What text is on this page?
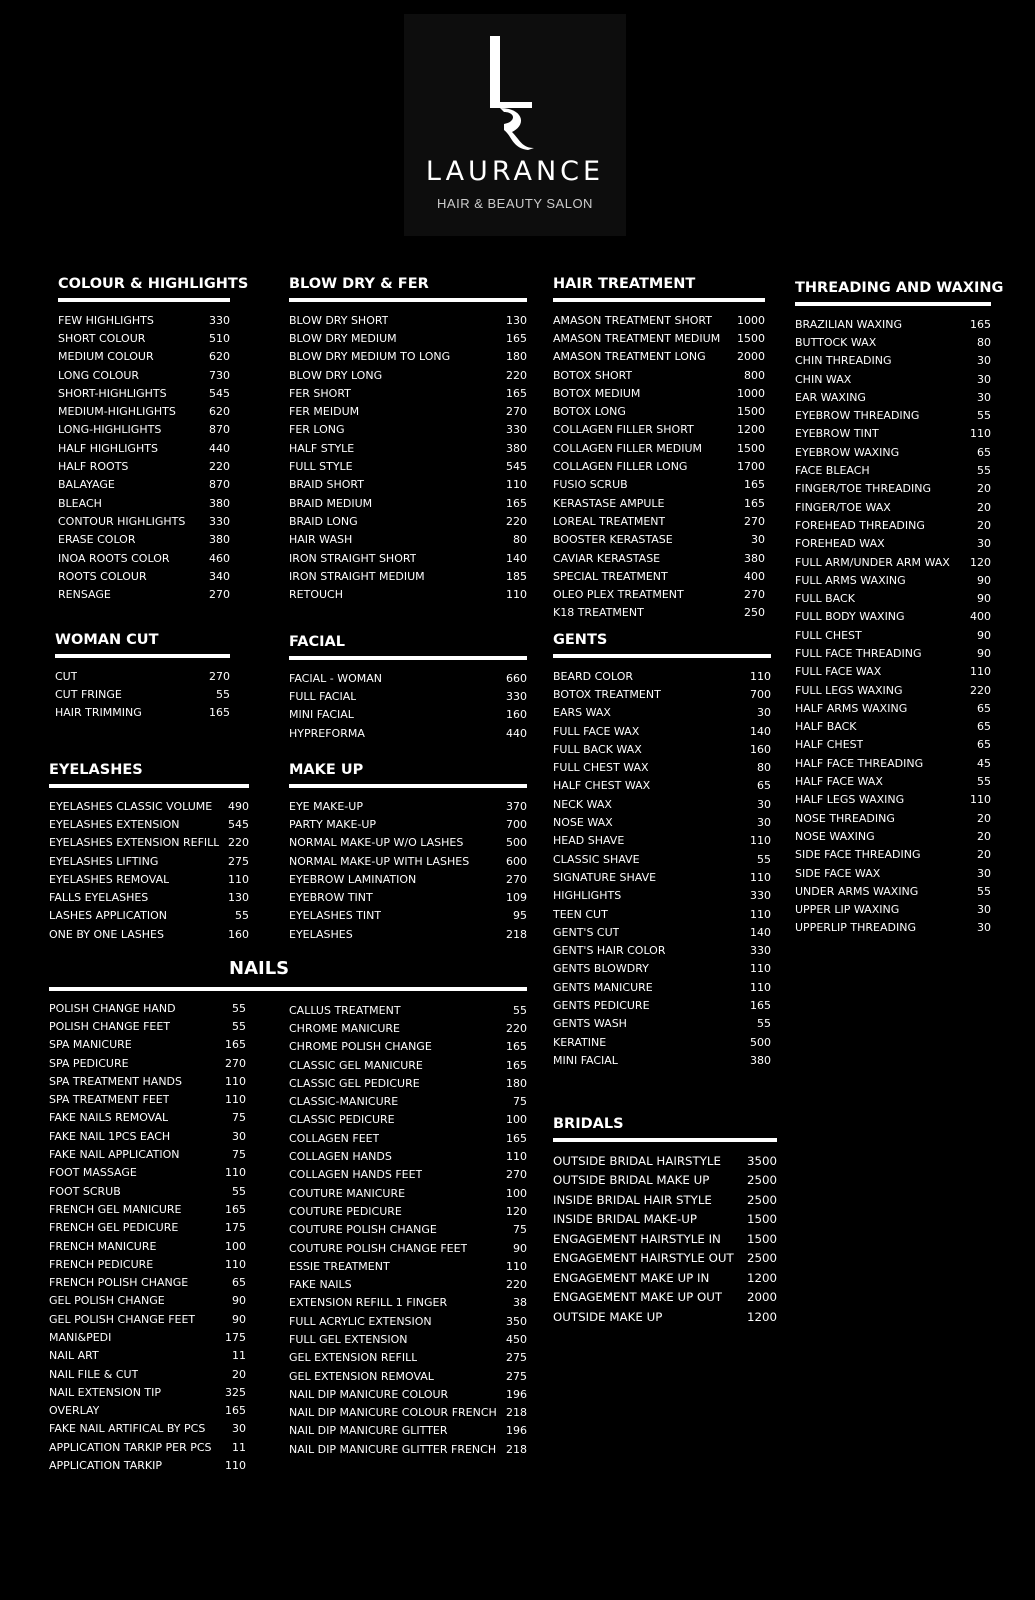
LAURANCE
HAIR & BEAUTY SALON
COLOUR & HIGHLIGHTS
FEW HIGHLIGHTS	330
SHORT COLOUR	510
MEDIUM COLOUR	620
LONG COLOUR	730
SHORT-HIGHLIGHTS	545
MEDIUM-HIGHLIGHTS	620
LONG-HIGHLIGHTS	870
HALF HIGHLIGHTS	440
HALF ROOTS	220
BALAYAGE	870
BLEACH	380
CONTOUR HIGHLIGHTS	330
ERASE COLOR	380
INOA ROOTS COLOR	460
ROOTS COLOUR	340
RENSAGE	270
BLOW DRY & FER
BLOW DRY SHORT	130
BLOW DRY MEDIUM	165
BLOW DRY MEDIUM TO LONG	180
BLOW DRY LONG	220
FER SHORT	165
FER MEIDUM	270
FER LONG	330
HALF STYLE	380
FULL STYLE	545
BRAID SHORT	110
BRAID MEDIUM	165
BRAID LONG	220
HAIR WASH	80
IRON STRAIGHT SHORT	140
IRON STRAIGHT MEDIUM	185
RETOUCH	110
HAIR TREATMENT
AMASON TREATMENT SHORT 1000
AMASON TREATMENT MEDIUM 1500
AMASON TREATMENT LONG	2000
BOTOX SHORT	800
BOTOX MEDIUM	1000
BOTOX LONG	1500
COLLAGEN FILLER SHORT	1200
COLLAGEN FILLER MEDIUM	1500
COLLAGEN FILLER LONG	1700
FUSIO SCRUB	165
KERASTASE AMPULE	165
LOREAL TREATMENT	270
BOOSTER KERASTASE	30
CAVIAR KERASTASE	380
SPECIAL TREATMENT	400
OLEO PLEX TREATMENT	270
K18 TREATMENT	250
THREADING AND WAXING
BRAZILIAN WAXING	165
BUTTOCK WAX	80
CHIN THREADING	30
CHIN WAX	30
EAR WAXING	30
EYEBROW THREADING	55
EYEBROW TINT	110
EYEBROW WAXING	65
FACE BLEACH	55
FINGER/TOE THREADING	20
FINGER/TOE WAX	20
FOREHEAD THREADING	20
FOREHEAD WAX	30
FULL ARM/UNDER ARM WAX	120
FULL ARMS WAXING	90
FULL BACK	90
FULL BODY WAXING	400
FULL CHEST	90
FULL FACE THREADING	90
FULL FACE WAX	110
FULL LEGS WAXING	220
HALF ARMS WAXING	65
HALF BACK	65
HALF CHEST	65
HALF FACE THREADING	45
HALF FACE WAX	55
HALF LEGS WAXING	110
NOSE THREADING	20
NOSE WAXING	20
SIDE FACE THREADING	20
SIDE FACE WAX	30
UNDER ARMS WAXING	55
UPPER LIP WAXING	30
UPPERLIP THREADING	30
WOMAN CUT
CUT	270
CUT FRINGE	55
HAIR TRIMMING	165
FACIAL
FACIAL - WOMAN	660
FULL FACIAL	330
MINI FACIAL	160
HYPREFORMA	440
GENTS
BEARD COLOR	110
BOTOX TREATMENT	700
EARS WAX	30
FULL FACE WAX	140
FULL BACK WAX	160
FULL CHEST WAX	80
HALF CHEST WAX	65
NECK WAX	30
NOSE WAX	30
HEAD SHAVE	110
CLASSIC SHAVE	55
SIGNATURE SHAVE	110
HIGHLIGHTS	330
TEEN CUT	110
GENT'S CUT	140
GENT'S HAIR COLOR	330
GENTS BLOWDRY	110
GENTS MANICURE	110
GENTS PEDICURE	165
GENTS WASH	55
KERATINE	500
MINI FACIAL	380
EYELASHES
EYELASHES CLASSIC VOLUME	490
EYELASHES EXTENSION	545
EYELASHES EXTENSION REFILL 220
EYELASHES LIFTING	275
EYELASHES REMOVAL	110
FALLS EYELASHES	130
LASHES APPLICATION	55
ONE BY ONE LASHES	160
MAKE UP
EYE MAKE-UP	370
PARTY MAKE-UP	700
NORMAL MAKE-UP W/O LASHES	500
NORMAL MAKE-UP WITH LASHES	600
EYEBROW LAMINATION	270
EYEBROW TINT	109
EYELASHES TINT	95
EYELASHES	218
BRIDALS
OUTSIDE BRIDAL HAIRSTYLE 3500
OUTSIDE BRIDAL MAKE UP	2500
INSIDE BRIDAL HAIR STYLE	2500
INSIDE BRIDAL MAKE-UP	1500
ENGAGEMENT HAIRSTYLE IN 1500
ENGAGEMENT HAIRSTYLE OUT 2500
ENGAGEMENT MAKE UP IN	1200
ENGAGEMENT MAKE UP OUT 2000
OUTSIDE MAKE UP	1200
NAILS
POLISH CHANGE HAND	55
POLISH CHANGE FEET	55
SPA MANICURE	165
SPA PEDICURE	270
SPA TREATMENT HANDS	110
SPA TREATMENT FEET	110
FAKE NAILS REMOVAL	75
FAKE NAIL 1PCS EACH	30
FAKE NAIL APPLICATION	75
FOOT MASSAGE	110
FOOT SCRUB	55
FRENCH GEL MANICURE	165
FRENCH GEL PEDICURE	175
FRENCH MANICURE	100
FRENCH PEDICURE	110
FRENCH POLISH CHANGE	65
GEL POLISH CHANGE	90
GEL POLISH CHANGE FEET	90
MANI&PEDI	175
NAIL ART	11
NAIL FILE & CUT	20
NAIL EXTENSION TIP	325
OVERLAY	165
FAKE NAIL ARTIFICAL BY PCS	30
APPLICATION TARKIP PER PCS	11
APPLICATION TARKIP	110
CALLUS TREATMENT	55
CHROME MANICURE	220
CHROME POLISH CHANGE	165
CLASSIC GEL MANICURE	165
CLASSIC GEL PEDICURE	180
CLASSIC-MANICURE	75
CLASSIC PEDICURE	100
COLLAGEN FEET	165
COLLAGEN HANDS	110
COLLAGEN HANDS FEET	270
COUTURE MANICURE	100
COUTURE PEDICURE	120
COUTURE POLISH CHANGE	75
COUTURE POLISH CHANGE FEET	90
ESSIE TREATMENT	110
FAKE NAILS	220
EXTENSION REFILL 1 FINGER	38
FULL ACRYLIC EXTENSION	350
FULL GEL EXTENSION	450
GEL EXTENSION REFILL	275
GEL EXTENSION REMOVAL	275
NAIL DIP MANICURE COLOUR	196
NAIL DIP MANICURE COLOUR FRENCH 218
NAIL DIP MANICURE GLITTER	196
NAIL DIP MANICURE GLITTER FRENCH 218
